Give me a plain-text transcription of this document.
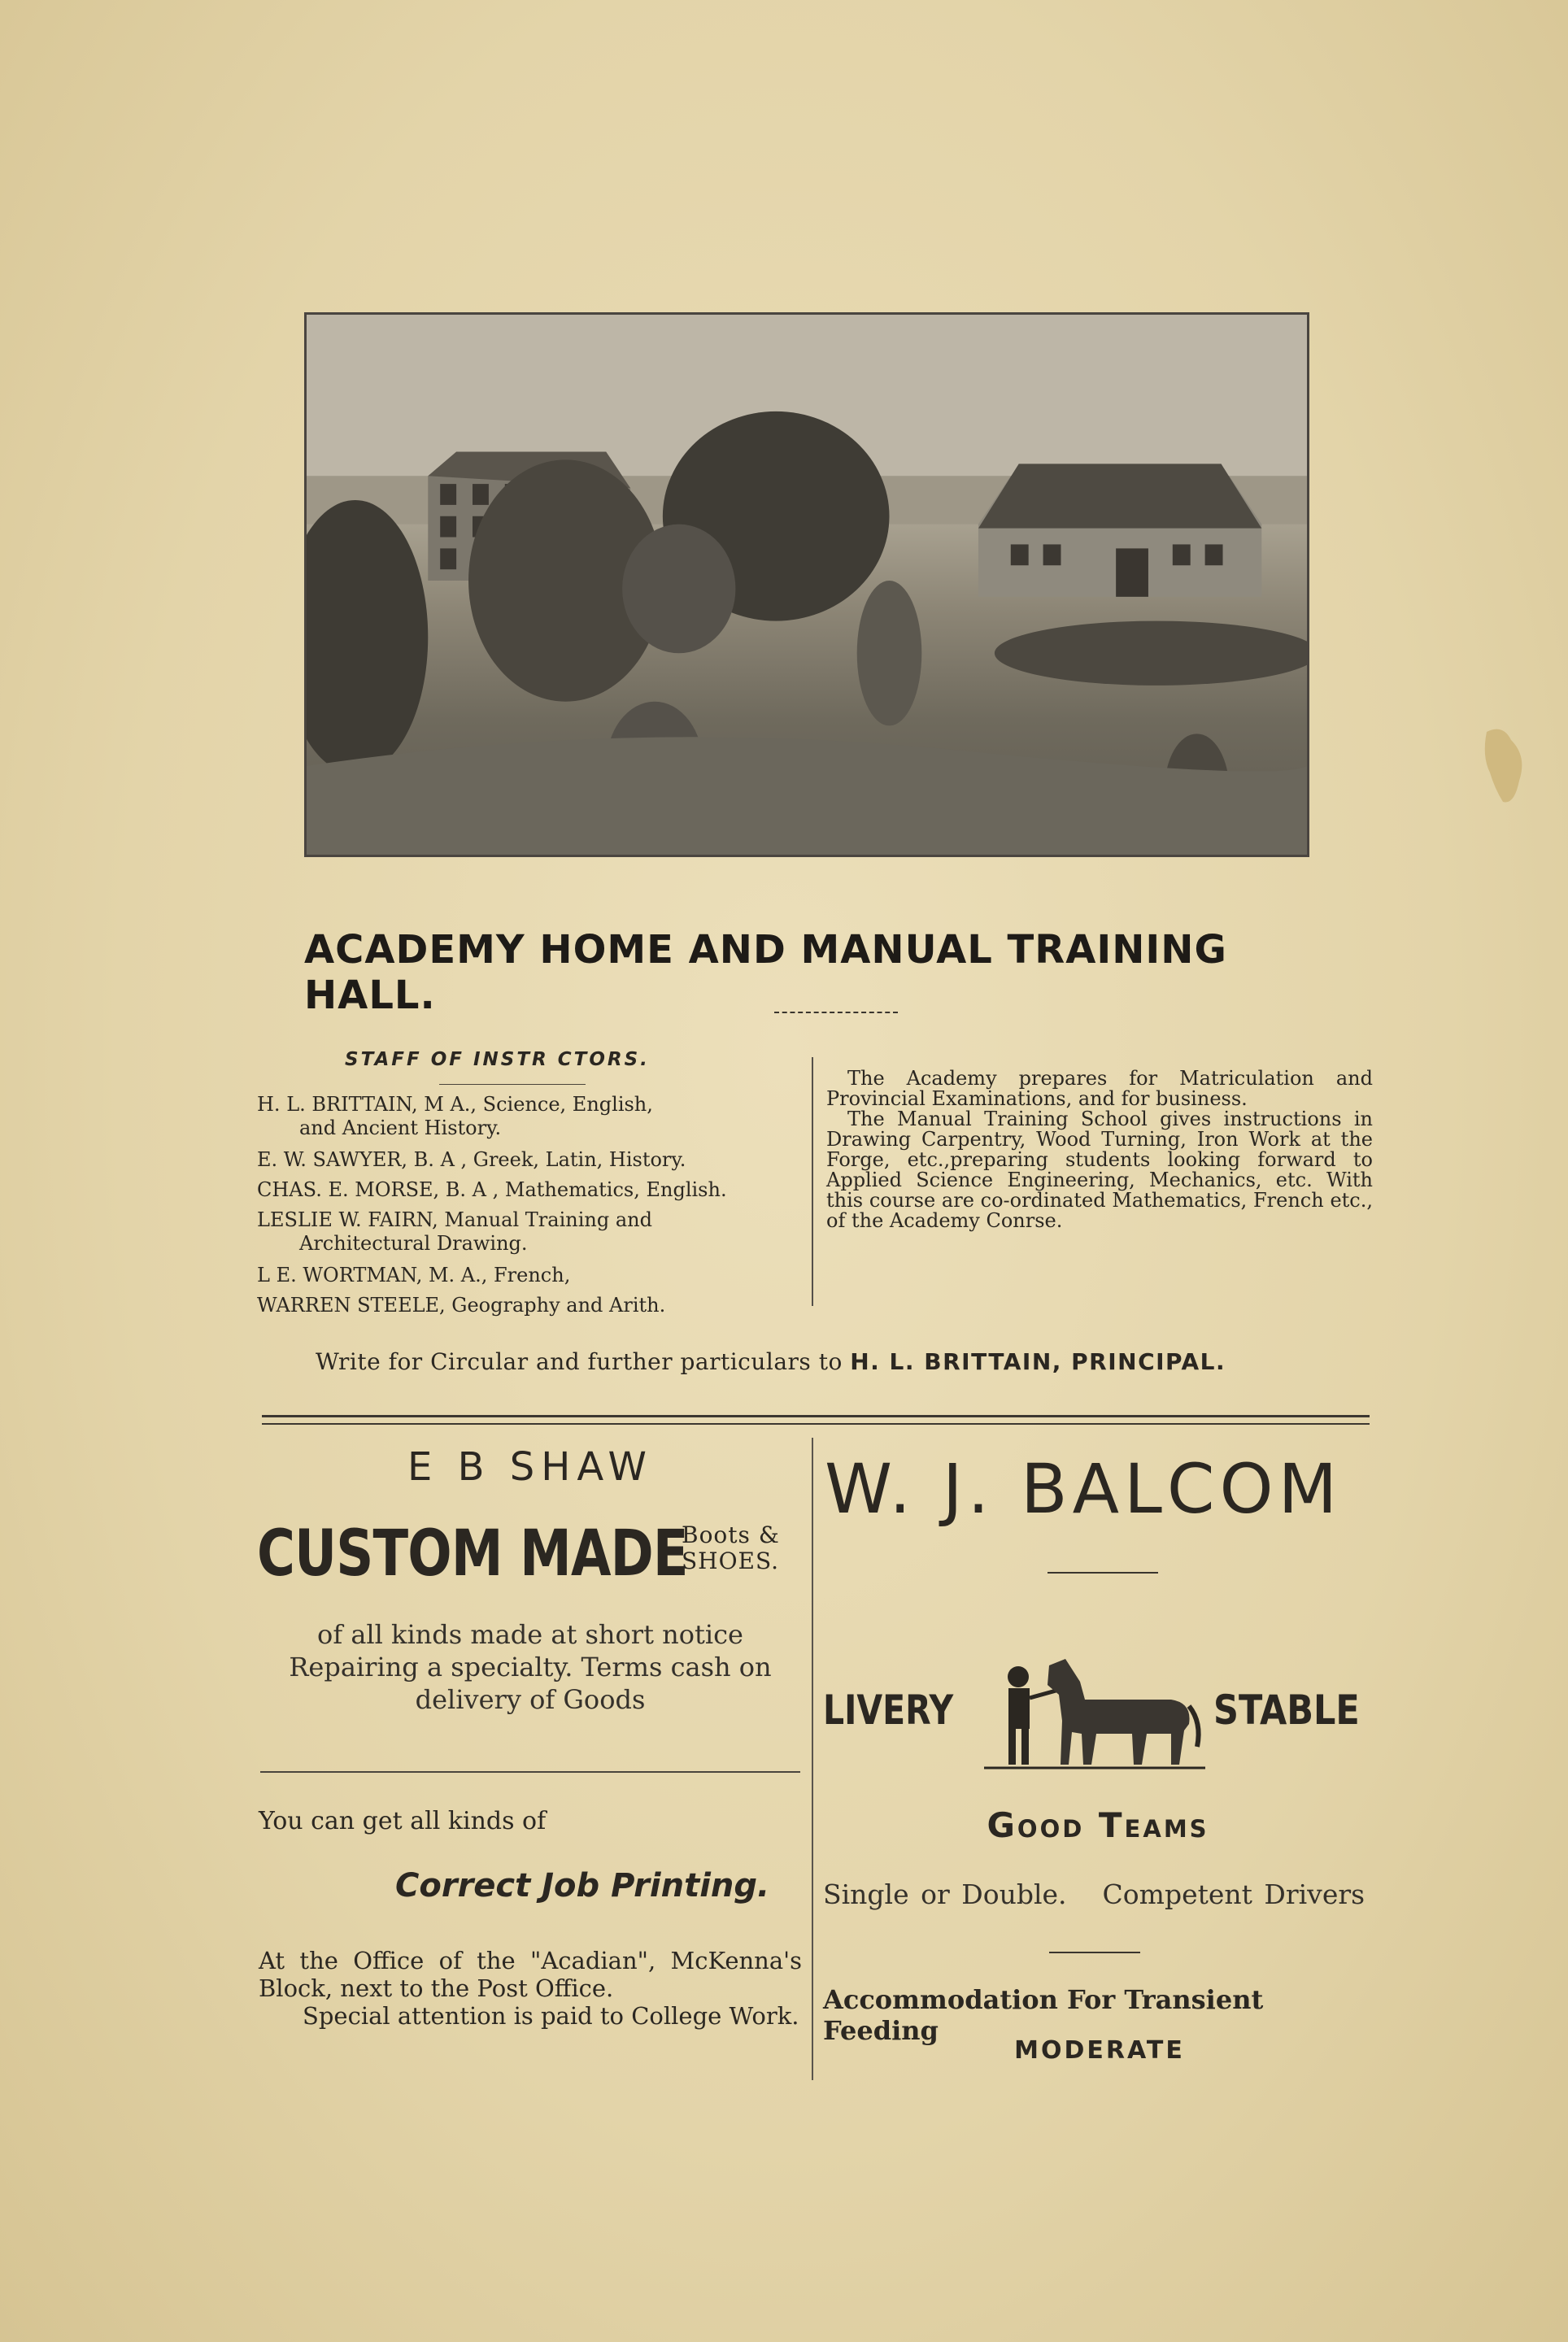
ACADEMY HOME AND MANUAL TRAINING HALL.
STAFF OF INSTR CTORS.

H. L. BRITTAIN, M A., Science, English,

and Ancient History.

E. W. SAWYER, B. A , Greek, Latin, History.

CHAS. E. MORSE, B. A , Mathematics, English.

LESLIE W. FAIRN, Manual Training and

Architectural Drawing.

L E. WORTMAN, M. A., French,

WARREN STEELE, Geography and Arith.

The Academy prepares for Matriculation and Provincial Examinations, and for business.

The Manual Training School gives instructions in Drawing Carpentry, Wood Turning, Iron Work at the Forge, etc.,preparing students looking forward to Applied Science Engineering, Mechanics, etc. With this course are co-ordinated Mathematics, French etc., of the Academy Conrse.

Write for Circular and further particulars to H. L. BRITTAIN, PRINCIPAL.
E B SHAW
CUSTOM MADE
Boots &
SHOES.
of all kinds made at short notice
Repairing a specialty. Terms cash on
delivery of Goods
You can get all kinds of
Correct Job Printing.

At the Office of the "Acadian", McKenna's Block, next to the Post Office.

Special attention is paid to College Work.

W. J. BALCOM
LIVERY	STABLE
Good Teams
Single or Double. Competent Drivers
Accommodation For Transient Feeding
MODERATE
